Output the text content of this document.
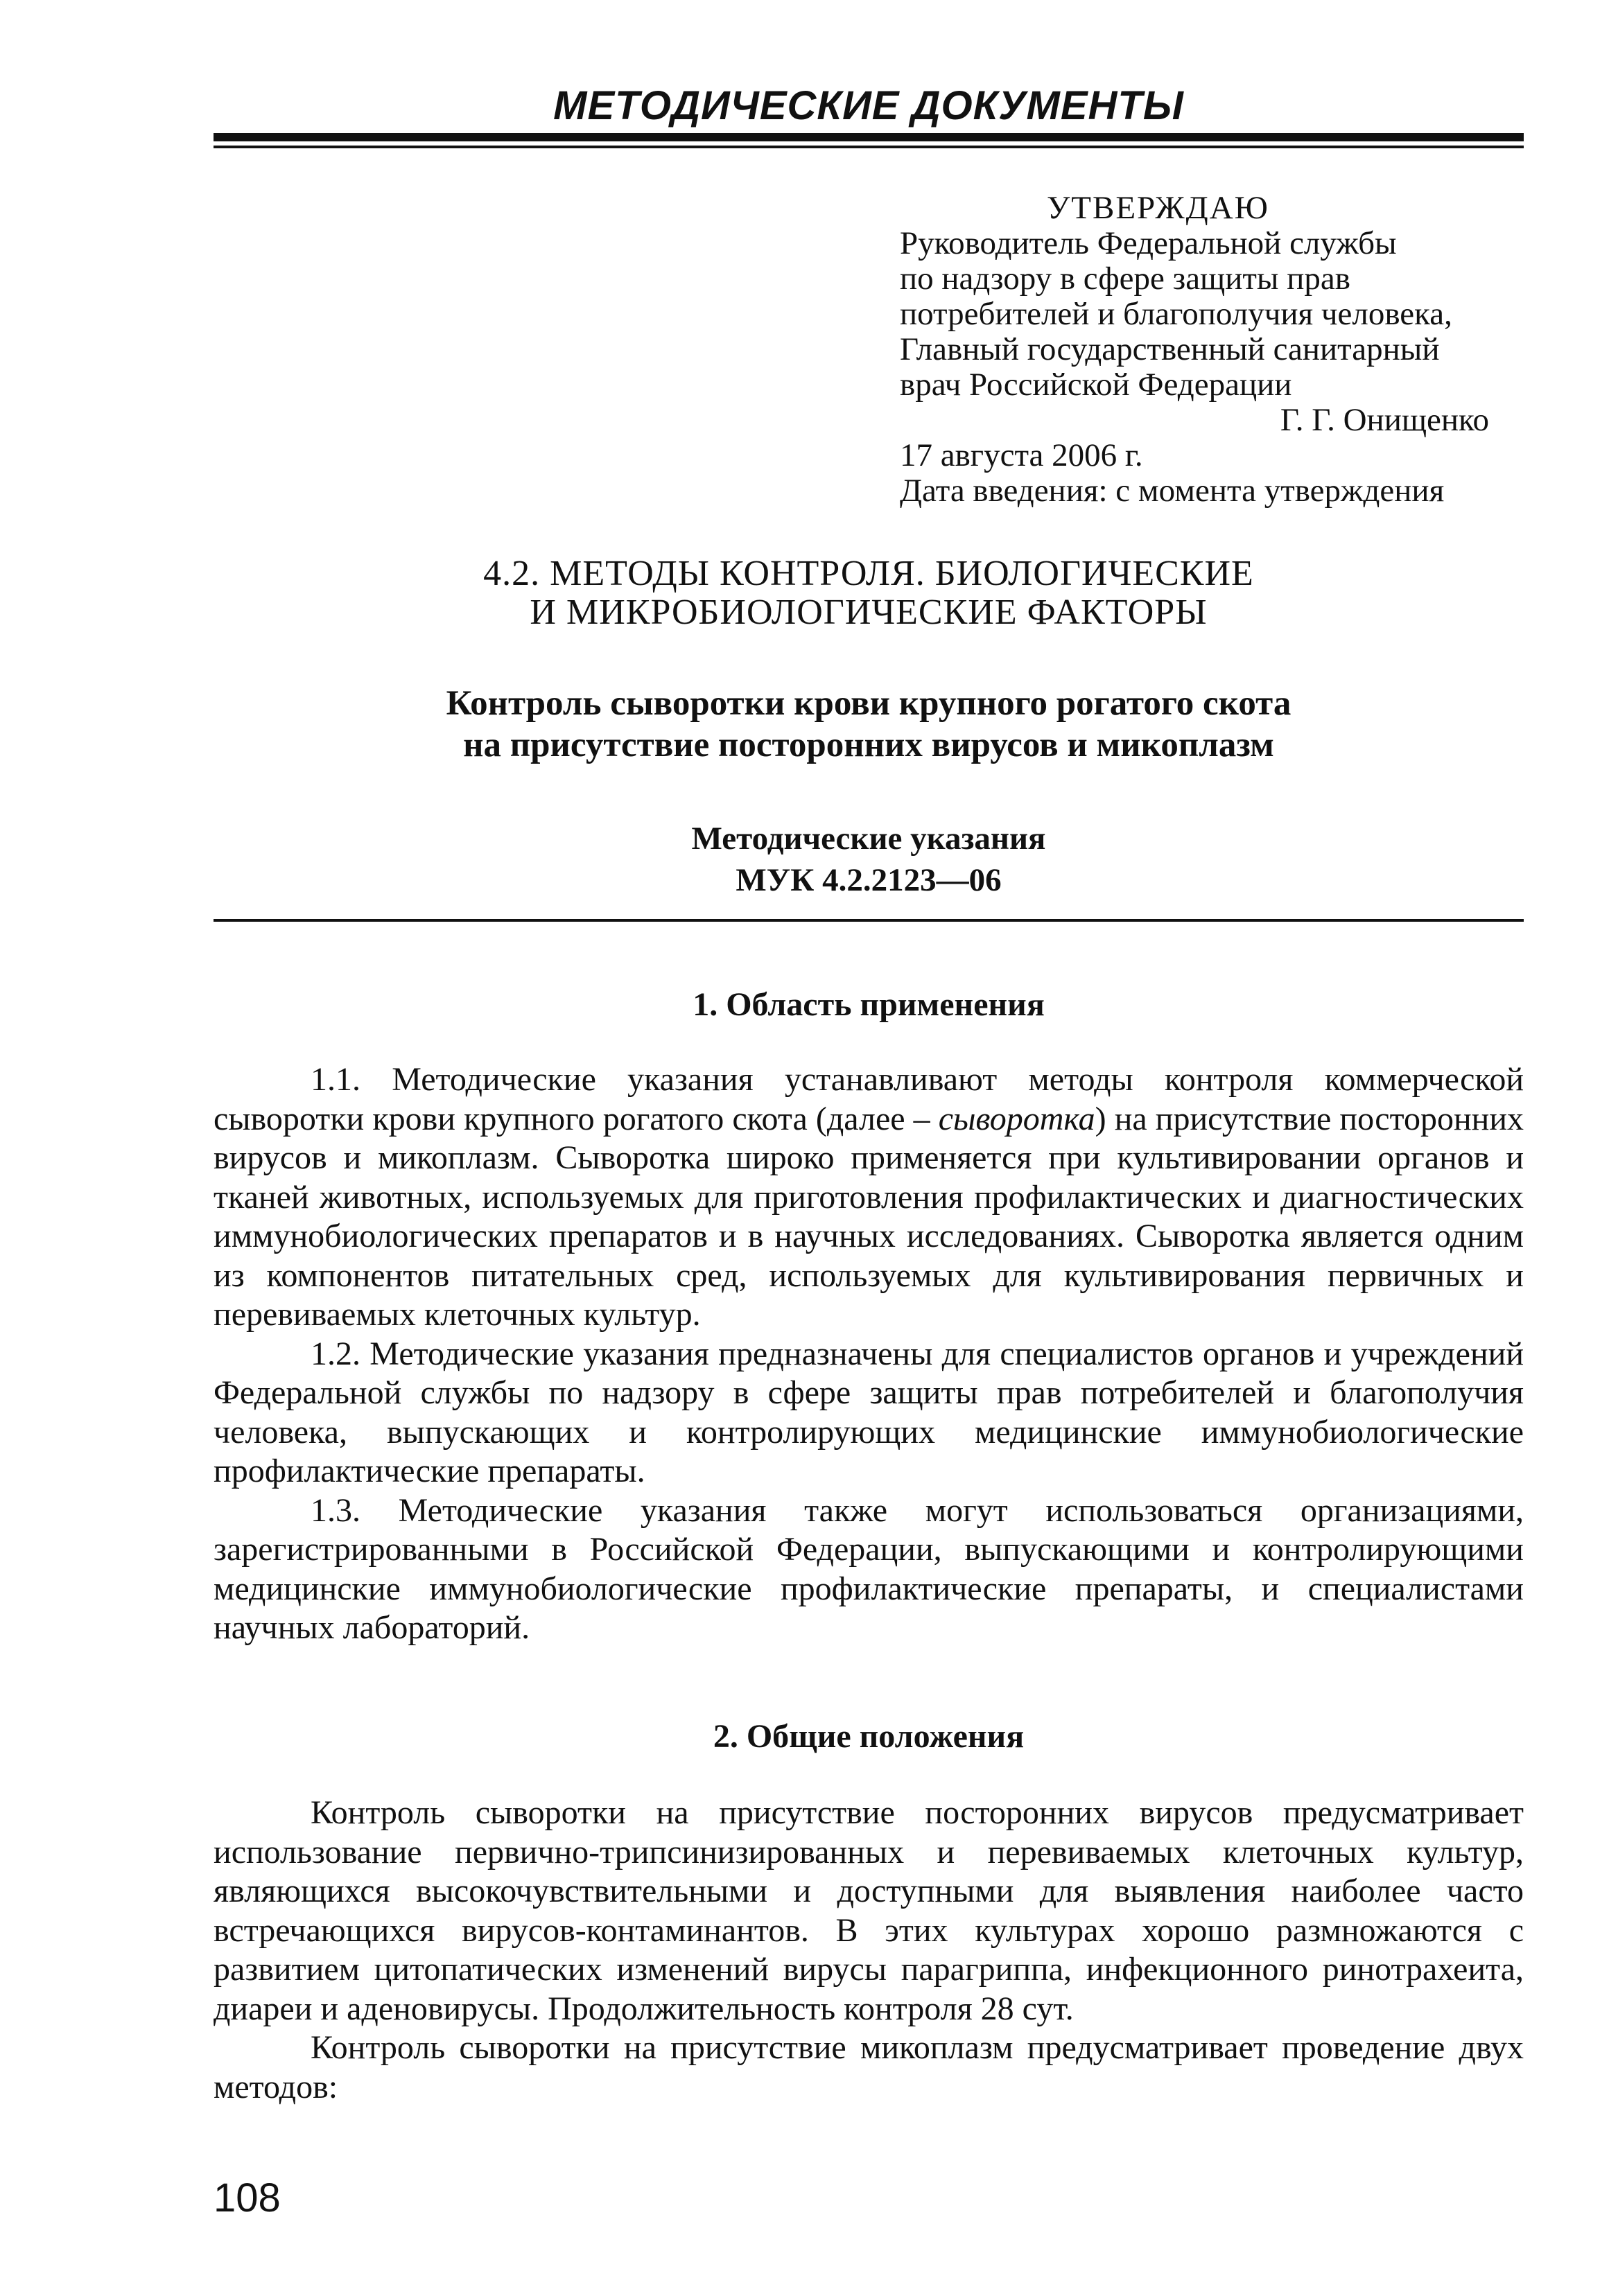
МЕТОДИЧЕСКИЕ ДОКУМЕНТЫ
УТВЕРЖДАЮ
Руководитель Федеральной службы
по надзору в сфере защиты прав
потребителей и благополучия человека,
Главный государственный санитарный
врач Российской Федерации
Г. Г. Онищенко
17 августа 2006 г.
Дата введения: с момента утверждения
4.2. МЕТОДЫ КОНТРОЛЯ. БИОЛОГИЧЕСКИЕ
И МИКРОБИОЛОГИЧЕСКИЕ ФАКТОРЫ
Контроль сыворотки крови крупного рогатого скота
на присутствие посторонних вирусов и микоплазм
Методические указания
МУК 4.2.2123—06
1. Область применения

1.1. Методические указания устанавливают методы контроля коммерческой сыворотки крови крупного рогатого скота (далее – сыворотка) на присутствие посторонних вирусов и микоплазм. Сыворотка широко применяется при культивировании органов и тканей животных, используемых для приготовления профилактических и диагностических иммунобиологических препаратов и в научных исследованиях. Сыворотка является одним из компонентов питательных сред, используемых для культивирования первичных и перевиваемых клеточных культур.

1.2. Методические указания предназначены для специалистов органов и учреждений Федеральной службы по надзору в сфере защиты прав потребителей и благополучия человека, выпускающих и контролирующих медицинские иммунобиологические профилактические препараты.

1.3. Методические указания также могут использоваться организациями, зарегистрированными в Российской Федерации, выпускающими и контролирующими медицинские иммунобиологические профилактические препараты, и специалистами научных лабораторий.

2. Общие положения

Контроль сыворотки на присутствие посторонних вирусов предусматривает использование первично-трипсинизированных и перевиваемых клеточных культур, являющихся высокочувствительными и доступными для выявления наиболее часто встречающихся вирусов-контаминантов. В этих культурах хорошо размножаются с развитием цитопатических изменений вирусы парагриппа, инфекционного ринотрахеита, диареи и аденовирусы. Продолжительность контроля 28 сут.

Контроль сыворотки на присутствие микоплазм предусматривает проведение двух методов:

108
